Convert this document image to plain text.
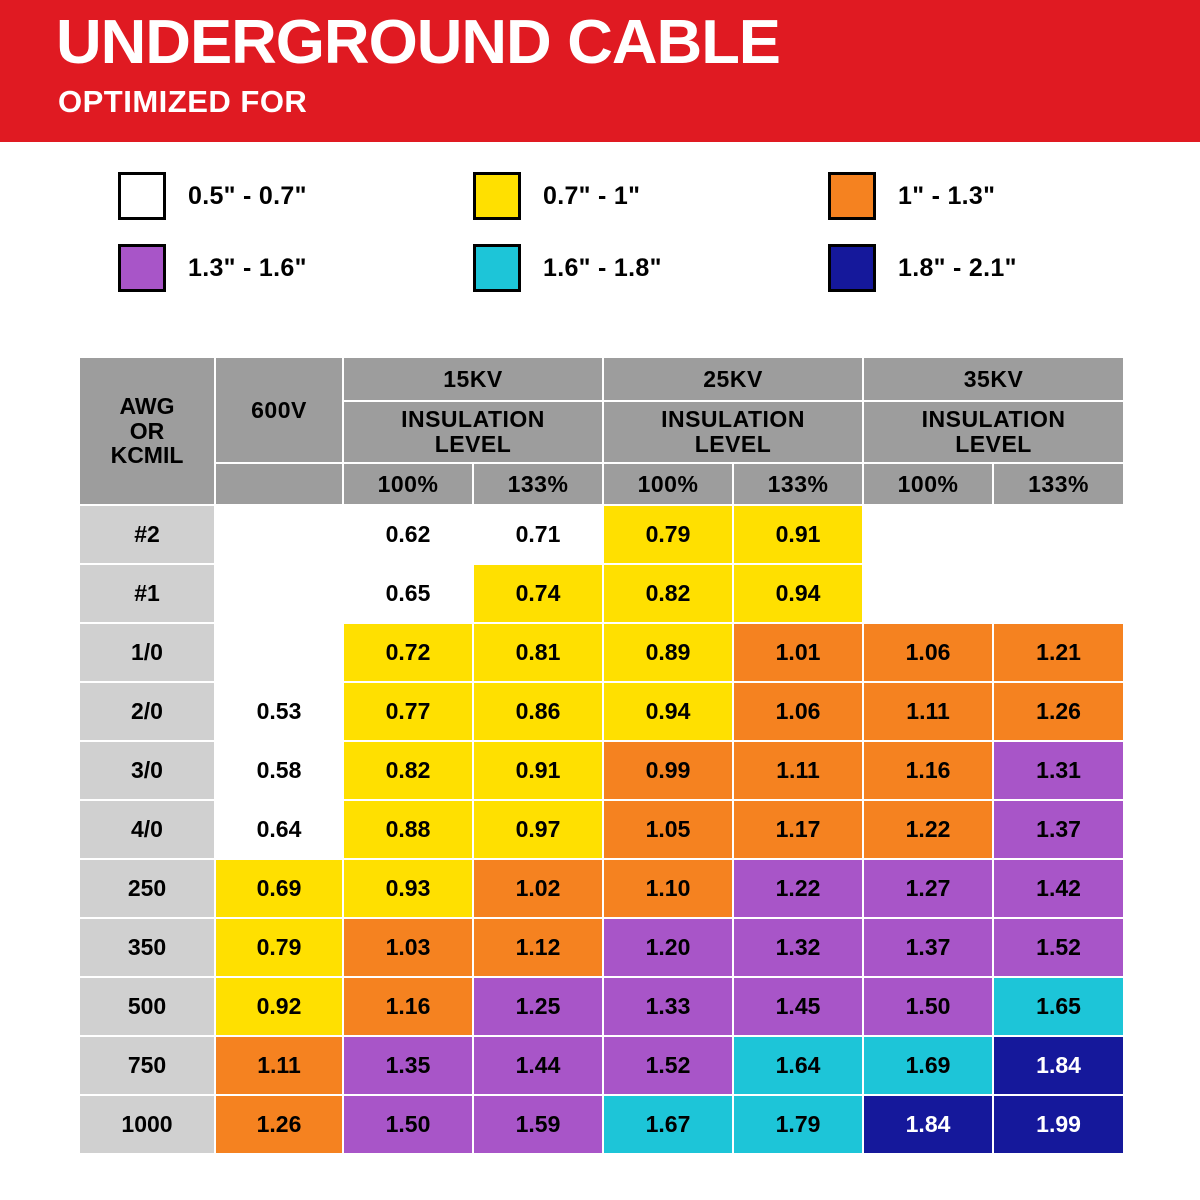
UNDERGROUND CABLE
OPTIMIZED FOR
0.5" - 0.7"	0.7" - 1"	1" - 1.3"
1.3" - 1.6"	1.6" - 1.8"	1.8" - 2.1"
AWG
OR
KCMIL	600V	15KV		25KV		35KV	

INSULATION
LEVEL

INSULATION
LEVEL

INSULATION
LEVEL

		100%	133%	100%	133%	100%	133%
#2		0.62	0.71	0.79	0.91		
#1		0.65	0.74	0.82	0.94		
1/0		0.72	0.81	0.89	1.01	1.06	1.21
2/0	0.53	0.77	0.86	0.94	1.06	1.11	1.26
3/0	0.58	0.82	0.91	0.99	1.11	1.16	1.31
4/0	0.64	0.88	0.97	1.05	1.17	1.22	1.37
250	0.69	0.93	1.02	1.10	1.22	1.27	1.42
350	0.79	1.03	1.12	1.20	1.32	1.37	1.52
500	0.92	1.16	1.25	1.33	1.45	1.50	1.65
750	1.11	1.35	1.44	1.52	1.64	1.69	1.84
1000	1.26	1.50	1.59	1.67	1.79	1.84	1.99
